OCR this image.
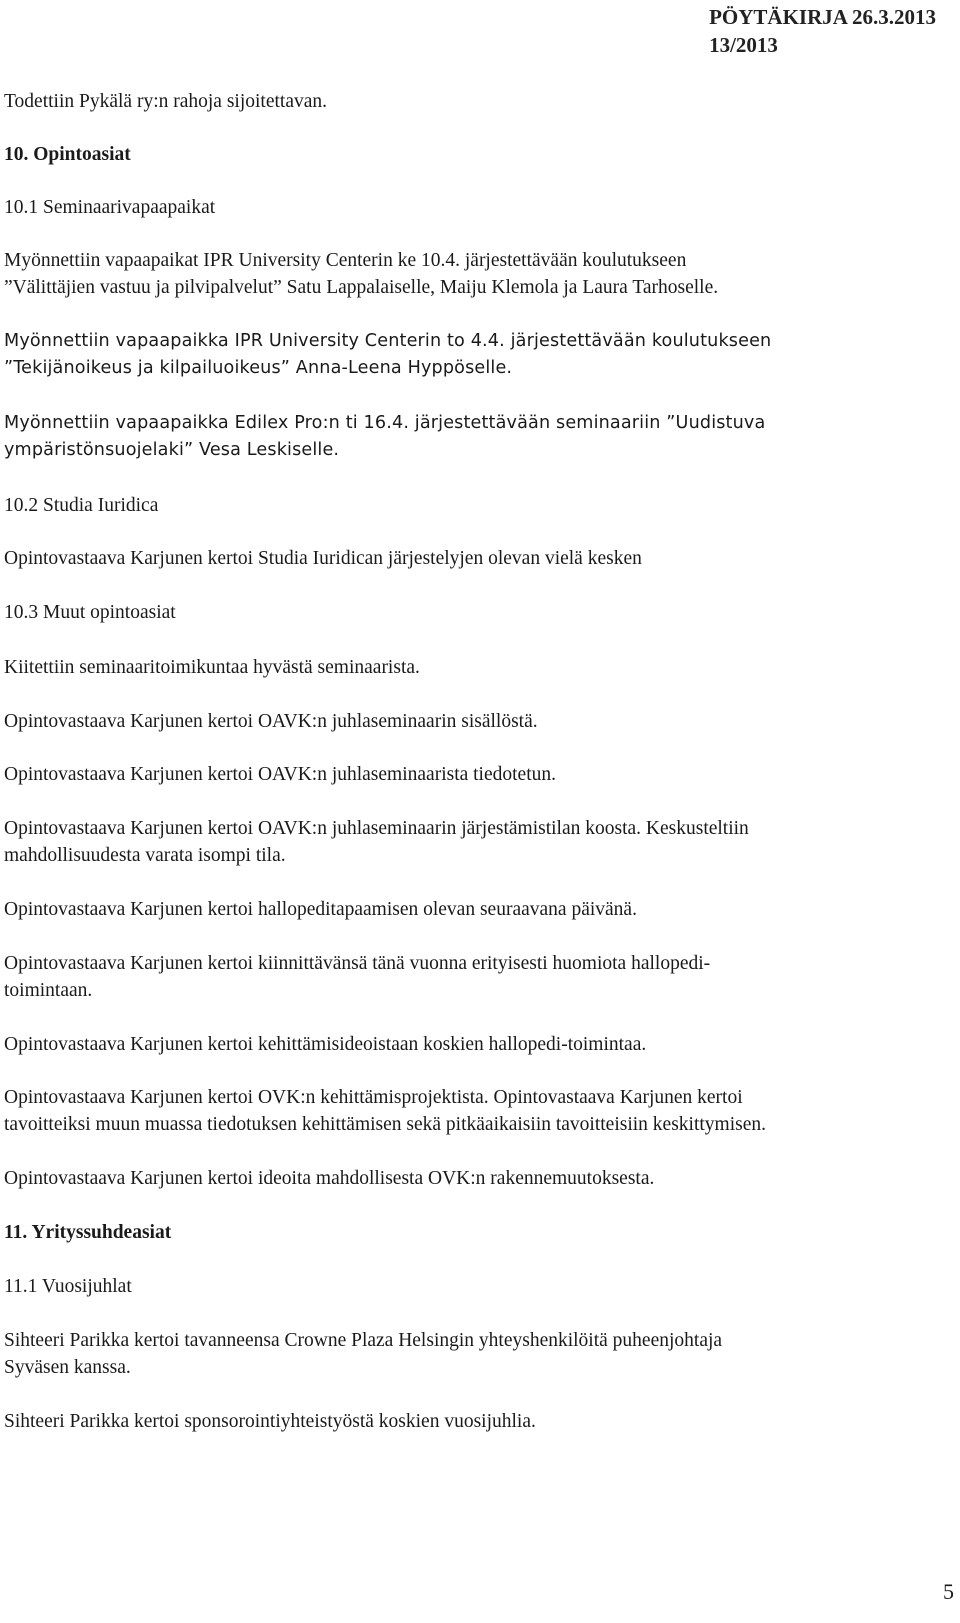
PÖYTÄKIRJA 26.3.2013
13/2013
Todettiin Pykälä ry:n rahoja sijoitettavan.
10. Opintoasiat
10.1 Seminaarivapaapaikat
Myönnettiin vapaapaikat IPR University Centerin ke 10.4. järjestettävään koulutukseen
”Välittäjien vastuu ja pilvipalvelut” Satu Lappalaiselle, Maiju Klemola ja Laura Tarhoselle.
Myönnettiin vapaapaikka IPR University Centerin to 4.4. järjestettävään koulutukseen
”Tekijänoikeus ja kilpailuoikeus” Anna-Leena Hyppöselle.
Myönnettiin vapaapaikka Edilex Pro:n ti 16.4. järjestettävään seminaariin ”Uudistuva
ympäristönsuojelaki” Vesa Leskiselle.
10.2 Studia Iuridica
Opintovastaava Karjunen kertoi Studia Iuridican järjestelyjen olevan vielä kesken
10.3 Muut opintoasiat
Kiitettiin seminaaritoimikuntaa hyvästä seminaarista.
Opintovastaava Karjunen kertoi OAVK:n juhlaseminaarin sisällöstä.
Opintovastaava Karjunen kertoi OAVK:n juhlaseminaarista tiedotetun.
Opintovastaava Karjunen kertoi OAVK:n juhlaseminaarin järjestämistilan koosta. Keskusteltiin
mahdollisuudesta varata isompi tila.
Opintovastaava Karjunen kertoi hallopeditapaamisen olevan seuraavana päivänä.
Opintovastaava Karjunen kertoi kiinnittävänsä tänä vuonna erityisesti huomiota hallopedi-
toimintaan.
Opintovastaava Karjunen kertoi kehittämisideoistaan koskien hallopedi-toimintaa.
Opintovastaava Karjunen kertoi OVK:n kehittämisprojektista. Opintovastaava Karjunen kertoi
tavoitteiksi muun muassa tiedotuksen kehittämisen sekä pitkäaikaisiin tavoitteisiin keskittymisen.
Opintovastaava Karjunen kertoi ideoita mahdollisesta OVK:n rakennemuutoksesta.
11. Yrityssuhdeasiat
11.1 Vuosijuhlat
Sihteeri Parikka kertoi tavanneensa Crowne Plaza Helsingin yhteyshenkilöitä puheenjohtaja
Syväsen kanssa.
Sihteeri Parikka kertoi sponsorointiyhteistyöstä koskien vuosijuhlia.
5
